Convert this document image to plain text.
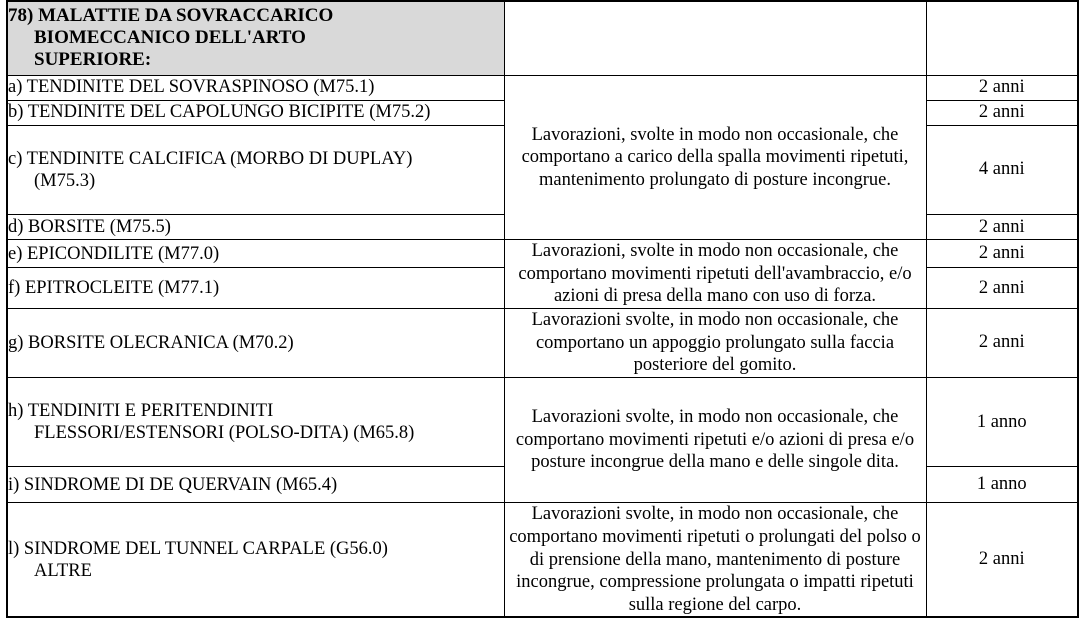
78) MALATTIE DA SOVRACCARICO
BIOMECCANICO DELL'ARTO
SUPERIORE:		

a) TENDINITE DEL SOVRASPINOSO (M75.1)	Lavorazioni, svolte in modo non occasionale, che comportano a carico della spalla movimenti ripetuti, mantenimento prolungato di posture incongrue.	2 anni
b) TENDINITE DEL CAPOLUNGO BICIPITE (M75.2)		2 anni

c) TENDINITE CALCIFICA (MORBO DI DUPLAY)

(M75.3)		4 anni
d) BORSITE (M75.5)		2 anni
e) EPICONDILITE (M77.0)	Lavorazioni, svolte in modo non occasionale, che comportano movimenti ripetuti dell'avambraccio, e/o azioni di presa della mano con uso di forza.	2 anni
f) EPITROCLEITE (M77.1)		2 anni
g) BORSITE OLECRANICA (M70.2)	Lavorazioni svolte, in modo non occasionale, che comportano un appoggio prolungato sulla faccia posteriore del gomito.	2 anni

h) TENDINITI E PERITENDINITI

FLESSORI/ESTENSORI (POLSO-DITA) (M65.8)	Lavorazioni svolte, in modo non occasionale, che comportano movimenti ripetuti e/o azioni di presa e/o posture incongrue della mano e delle singole dita.	1 anno
i) SINDROME DI DE QUERVAIN (M65.4)		1 anno

l) SINDROME DEL TUNNEL CARPALE (G56.0)

ALTRE	Lavorazioni svolte, in modo non occasionale, che comportano movimenti ripetuti o prolungati del polso o di prensione della mano, mantenimento di posture incongrue, compressione prolungata o impatti ripetuti sulla regione del carpo.	2 anni
